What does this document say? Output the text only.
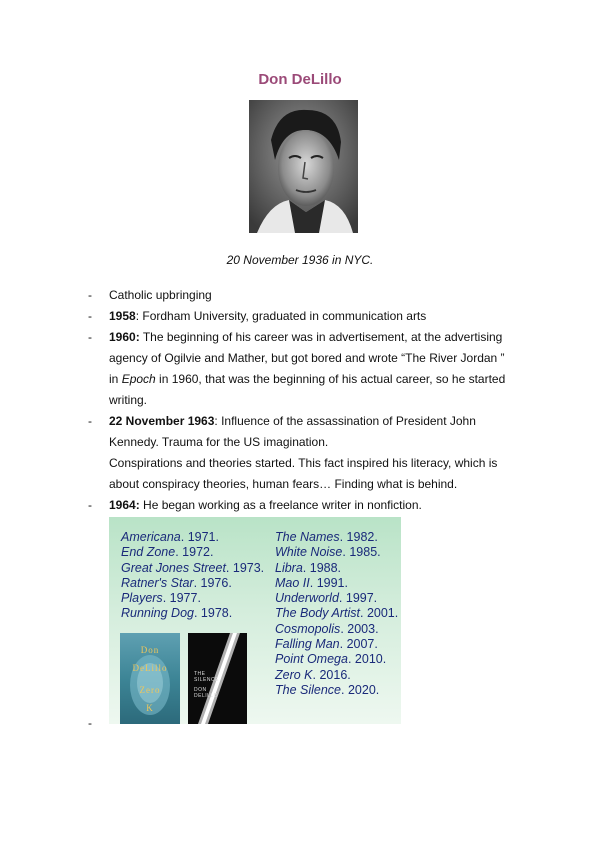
Don DeLillo
20 November 1936 in NYC.
- Catholic upbringing
- 1958: Fordham University, graduated in communication arts
- 1960: The beginning of his career was in advertisement, at the advertising agency of Ogilvie and Mather, but got bored and wrote “The River Jordan ” in Epoch in 1960, that was the beginning of his actual career, so he started writing.
- 22 November 1963: Influence of the assassination of President John Kennedy. Trauma for the US imagination.
Conspirations and theories started. This fact inspired his literacy, which is about conspiracy theories, human fears… Finding what is behind.
- 1964: He began working as a freelance writer in nonfiction.
Americana. 1971.
End Zone. 1972.
Great Jones Street. 1973.
Ratner's Star. 1976.
Players. 1977.
Running Dog. 1978.
The Names. 1982.
White Noise. 1985.
Libra. 1988.
Mao II. 1991.
Underworld. 1997.
The Body Artist. 2001.
Cosmopolis. 2003.
Falling Man. 2007.
Point Omega. 2010.
Zero K. 2016.
The Silence. 2020.
Don
DeLillo
Zero
K
THE
SILENCE
DON
DELILLO
-
